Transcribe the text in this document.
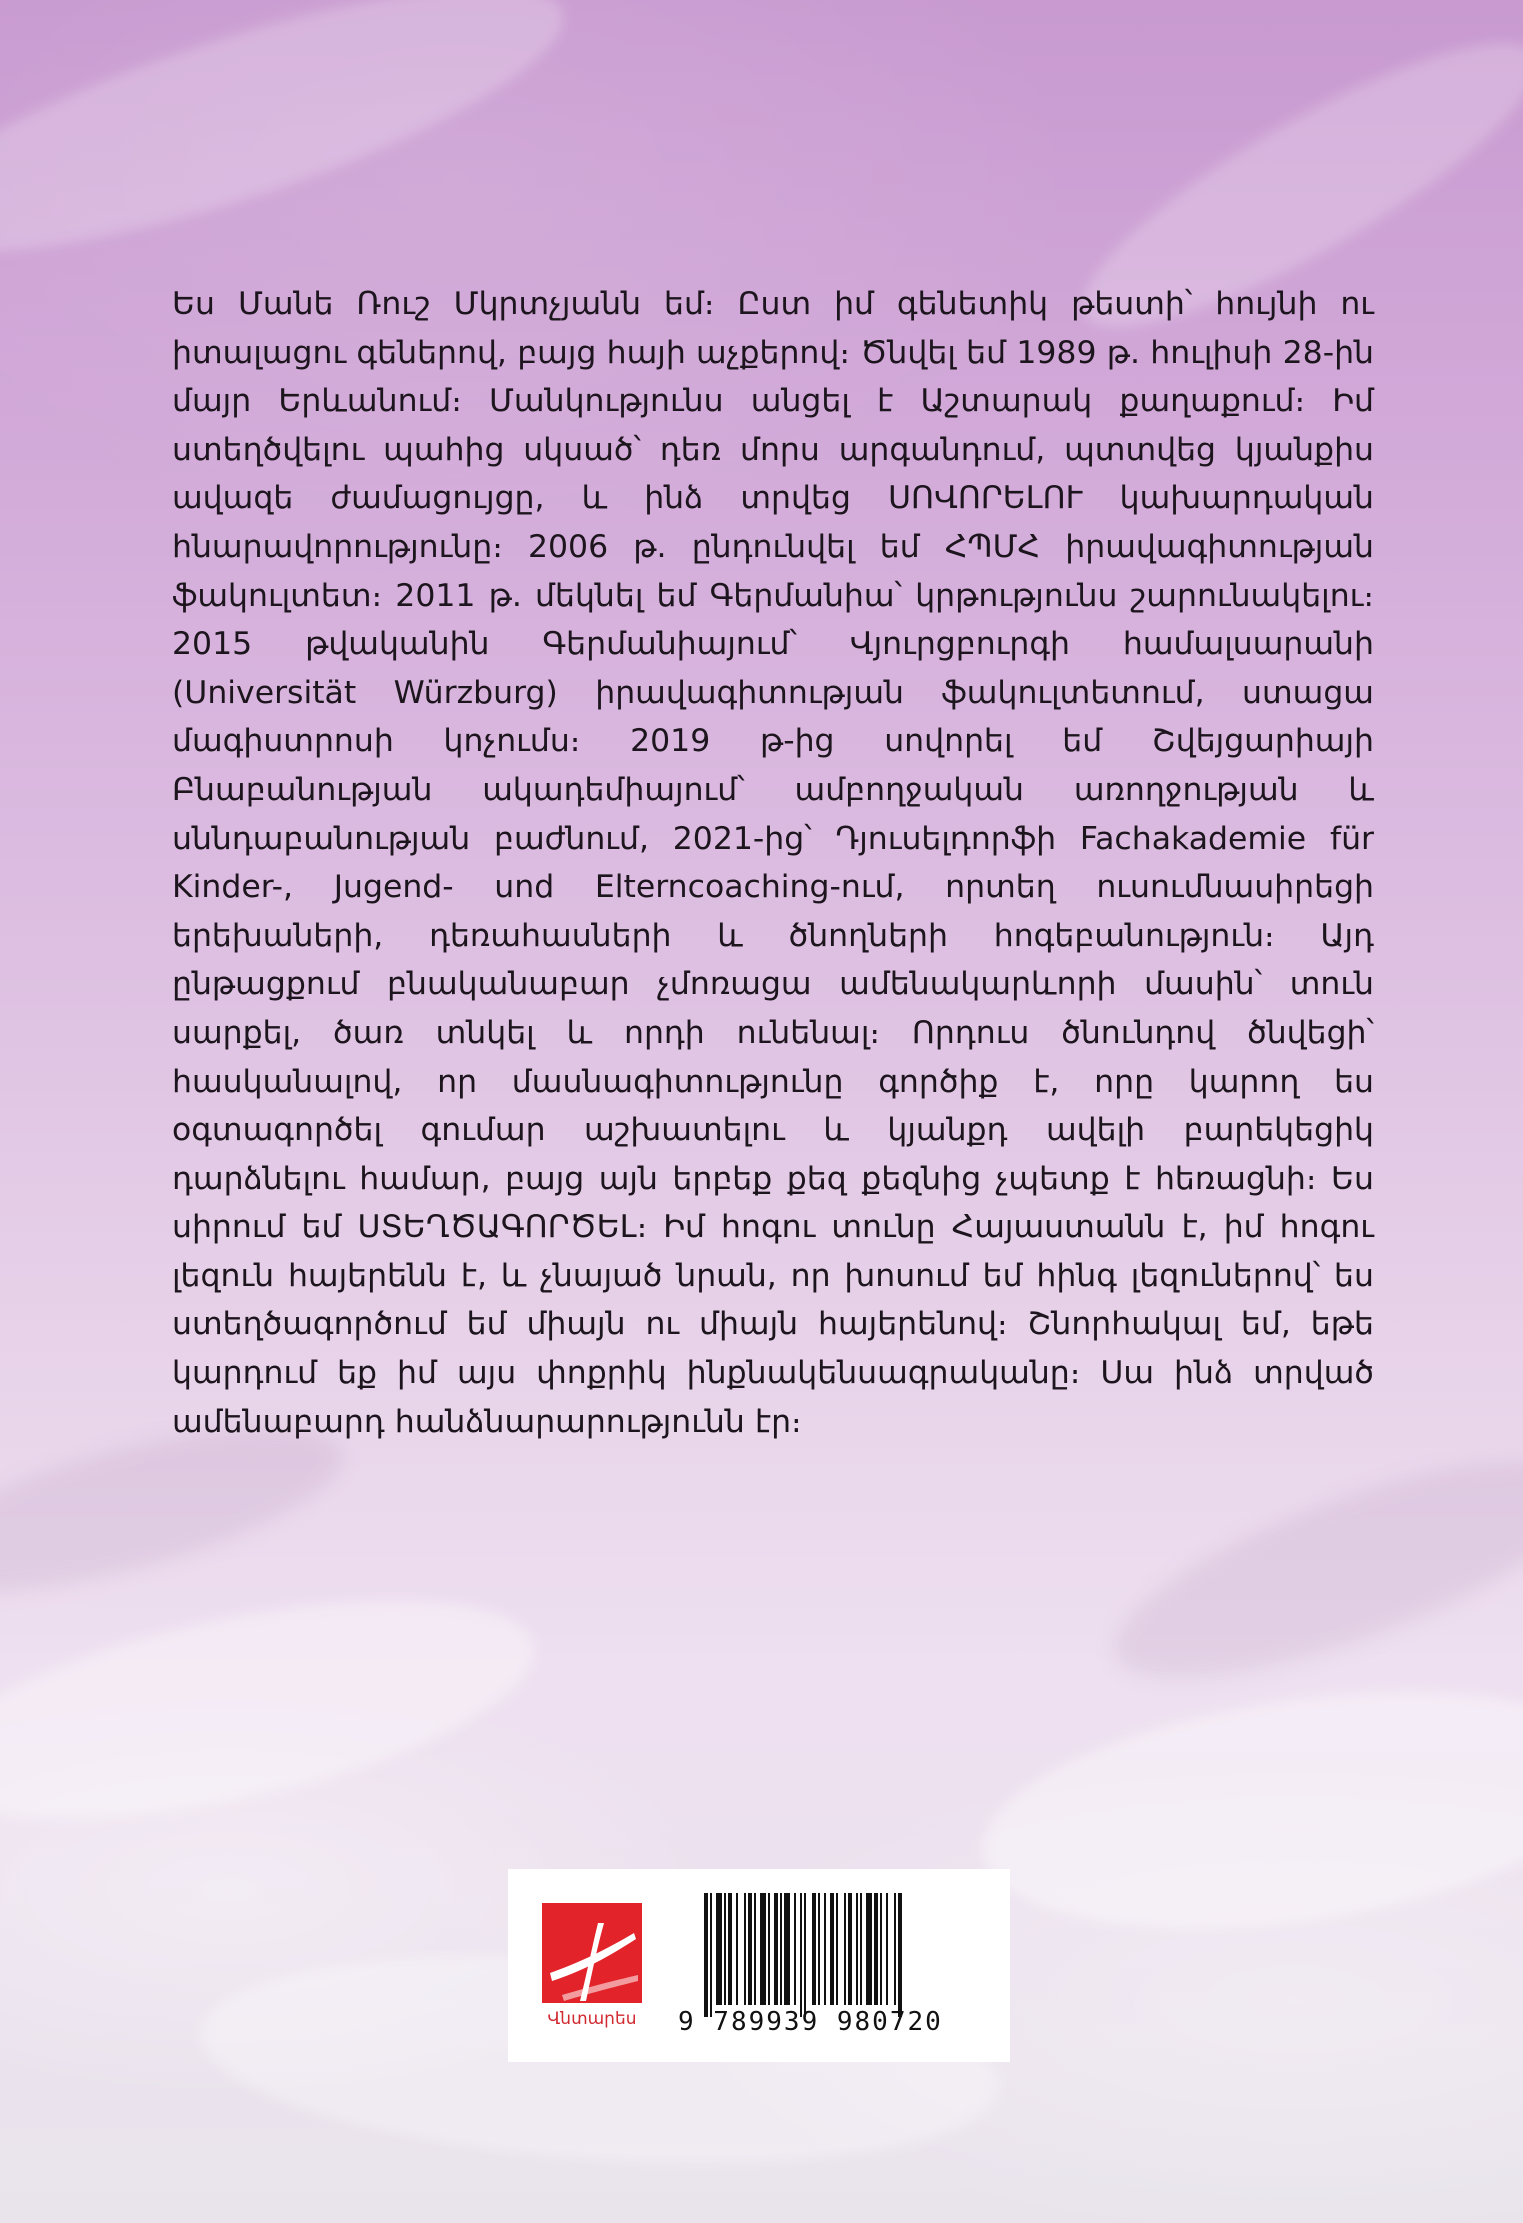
Ես Մանե Ռուշ Մկրտչյանն եմ։ Ըստ իմ գենետիկ թեստի՝ հույնի ու իտալացու գեներով, բայց հայի աչքերով։ Ծնվել եմ 1989 թ. հուլիսի 28-ին մայր Երևանում։ Մանկությունս անցել է Աշտարակ քաղաքում։ Իմ ստեղծվելու պահից սկսած՝ դեռ մորս արգանդում, պտտվեց կյանքիս ավազե ժամացույցը, և ինձ տրվեց ՍՈՎՈՐԵԼՈՒ կախարդական հնարավորությունը։ 2006 թ. ընդունվել եմ ՀՊՄՀ իրավագիտության ֆակուլտետ։ 2011 թ. մեկնել եմ Գերմանիա՝ կրթությունս շարունակելու։ 2015 թվականին Գերմանիայում՝ Վյուրցբուրգի համալսարանի (Universität Würzburg) իրավագիտության ֆակուլտետում, ստացա մագիստրոսի կոչումս։ 2019 թ-ից սովորել եմ Շվեյցարիայի Բնաբանության ակադեմիայում՝ ամբողջական առողջության և սննդաբանության բաժնում, 2021-ից՝ Դյուսելդորֆի Fachakademie für Kinder-, Jugend- und Elterncoaching-ում, որտեղ ուսումնասիրեցի երեխաների, դեռահասների և ծնողների հոգեբանություն։ Այդ ընթացքում բնականաբար չմոռացա ամենակարևորի մասին՝ տուն սարքել, ծառ տնկել և որդի ունենալ։ Որդուս ծնունդով ծնվեցի՝ հասկանալով, որ մասնագիտությունը գործիք է, որը կարող ես օգտագործել գումար աշխատելու և կյանքդ ավելի բարեկեցիկ դարձնելու համար, բայց այն երբեք քեզ քեզնից չպետք է հեռացնի։ Ես սիրում եմ ՍՏԵՂԾԱԳՈՐԾԵԼ։ Իմ հոգու տունը Հայաստանն է, իմ հոգու լեզուն հայերենն է, և չնայած նրան, որ խոսում եմ հինգ լեզուներով՝ ես ստեղծագործում եմ միայն ու միայն հայերենով։ Շնորհակալ եմ, եթե կարդում եք իմ այս փոքրիկ ինքնակենսագրականը։ Սա ինձ տրված ամենաբարդ հանձնարարությունն էր։

Վնտարես	9 789939 980720
